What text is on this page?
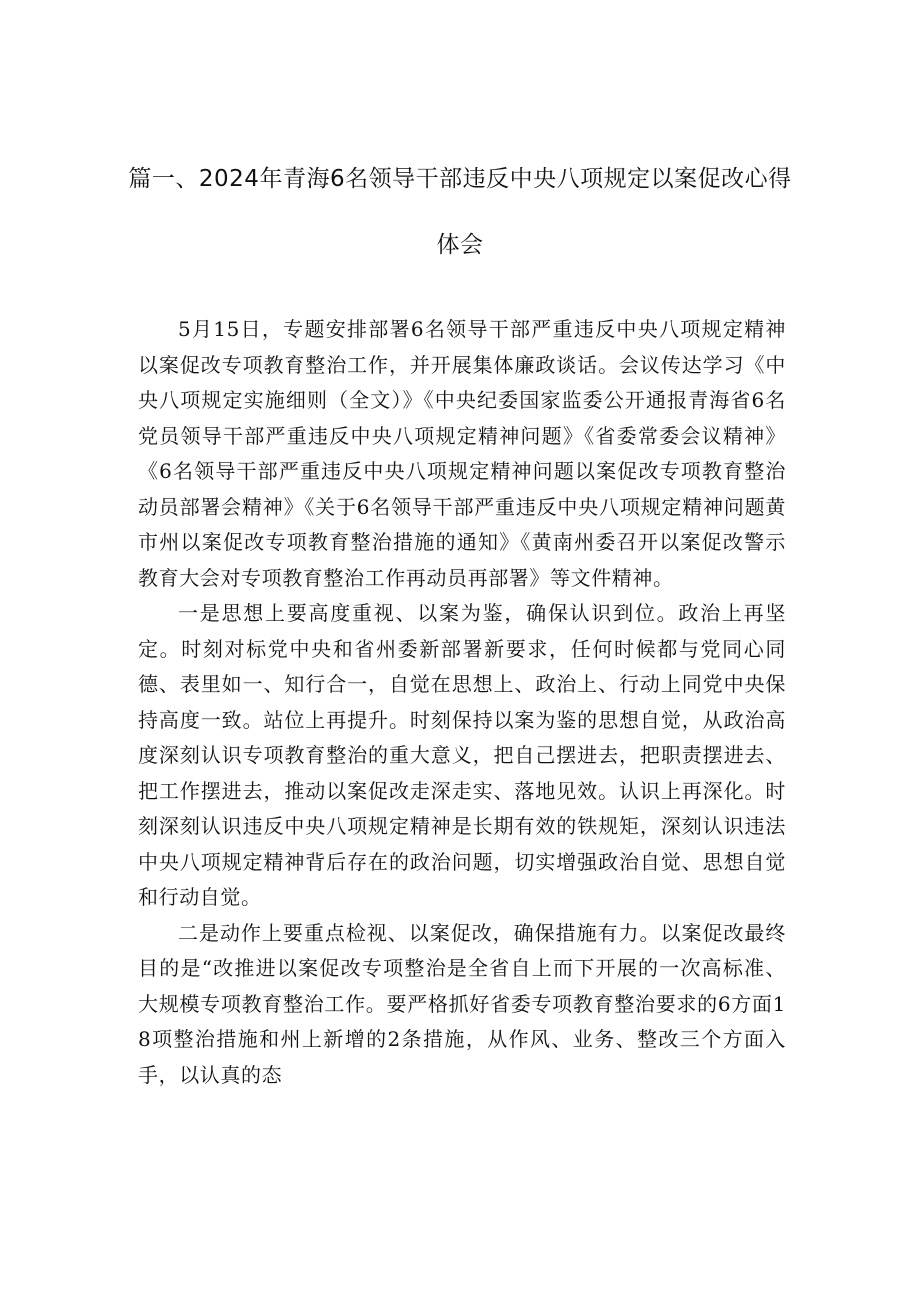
篇一、2024年青海6名领导干部违反中央八项规定以案促改心得体会

5月15日，专题安排部署6名领导干部严重违反中央八项规定精神以案促改专项教育整治工作，并开展集体廉政谈话。会议传达学习《中央八项规定实施细则（全文）》《中央纪委国家监委公开通报青海省6名党员领导干部严重违反中央八项规定精神问题》《省委常委会议精神》《6名领导干部严重违反中央八项规定精神问题以案促改专项教育整治动员部署会精神》《关于6名领导干部严重违反中央八项规定精神问题黄市州以案促改专项教育整治措施的通知》《黄南州委召开以案促改警示教育大会对专项教育整治工作再动员再部署》等文件精神。

一是思想上要高度重视、以案为鉴，确保认识到位。政治上再坚定。时刻对标党中央和省州委新部署新要求，任何时候都与党同心同德、表里如一、知行合一，自觉在思想上、政治上、行动上同党中央保持高度一致。站位上再提升。时刻保持以案为鉴的思想自觉，从政治高度深刻认识专项教育整治的重大意义，把自己摆进去，把职责摆进去、把工作摆进去，推动以案促改走深走实、落地见效。认识上再深化。时刻深刻认识违反中央八项规定精神是长期有效的铁规矩，深刻认识违法中央八项规定精神背后存在的政治问题，切实增强政治自觉、思想自觉和行动自觉。

二是动作上要重点检视、以案促改，确保措施有力。以案促改最终目的是“改推进以案促改专项整治是全省自上而下开展的一次高标准、大规模专项教育整治工作。要严格抓好省委专项教育整治要求的6方面18项整治措施和州上新增的2条措施，从作风、业务、整改三个方面入手，以认真的态
